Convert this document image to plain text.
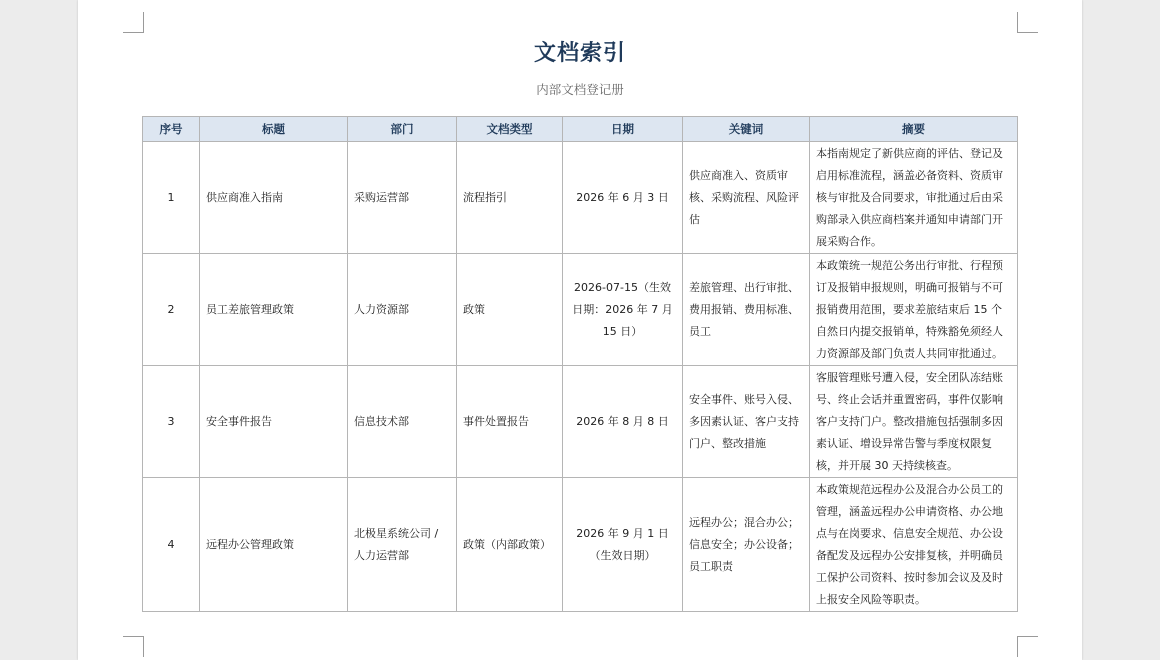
文档索引
内部文档登记册
序号	标题	部门	文档类型	日期	关键词	摘要
1	供应商准入指南	采购运营部	流程指引	2026 年 6 月 3 日	供应商准入、资质审核、采购流程、风险评估	本指南规定了新供应商的评估、登记及启用标准流程，涵盖必备资料、资质审核与审批及合同要求，审批通过后由采购部录入供应商档案并通知申请部门开展采购合作。
2	员工差旅管理政策	人力资源部	政策	2026-07-15（生效日期：2026 年 7 月 15 日）	差旅管理、出行审批、费用报销、费用标准、员工	本政策统一规范公务出行审批、行程预订及报销申报规则，明确可报销与不可报销费用范围，要求差旅结束后 15 个自然日内提交报销单，特殊豁免须经人力资源部及部门负责人共同审批通过。
3	安全事件报告	信息技术部	事件处置报告	2026 年 8 月 8 日	安全事件、账号入侵、多因素认证、客户支持门户、整改措施	客服管理账号遭入侵，安全团队冻结账号、终止会话并重置密码，事件仅影响客户支持门户。整改措施包括强制多因素认证、增设异常告警与季度权限复核，并开展 30 天持续核查。
4	远程办公管理政策	北极星系统公司 / 人力运营部	政策（内部政策）	2026 年 9 月 1 日（生效日期）	远程办公；混合办公；信息安全；办公设备；员工职责	本政策规范远程办公及混合办公员工的管理，涵盖远程办公申请资格、办公地点与在岗要求、信息安全规范、办公设备配发及远程办公安排复核，并明确员工保护公司资料、按时参加会议及及时上报安全风险等职责。
